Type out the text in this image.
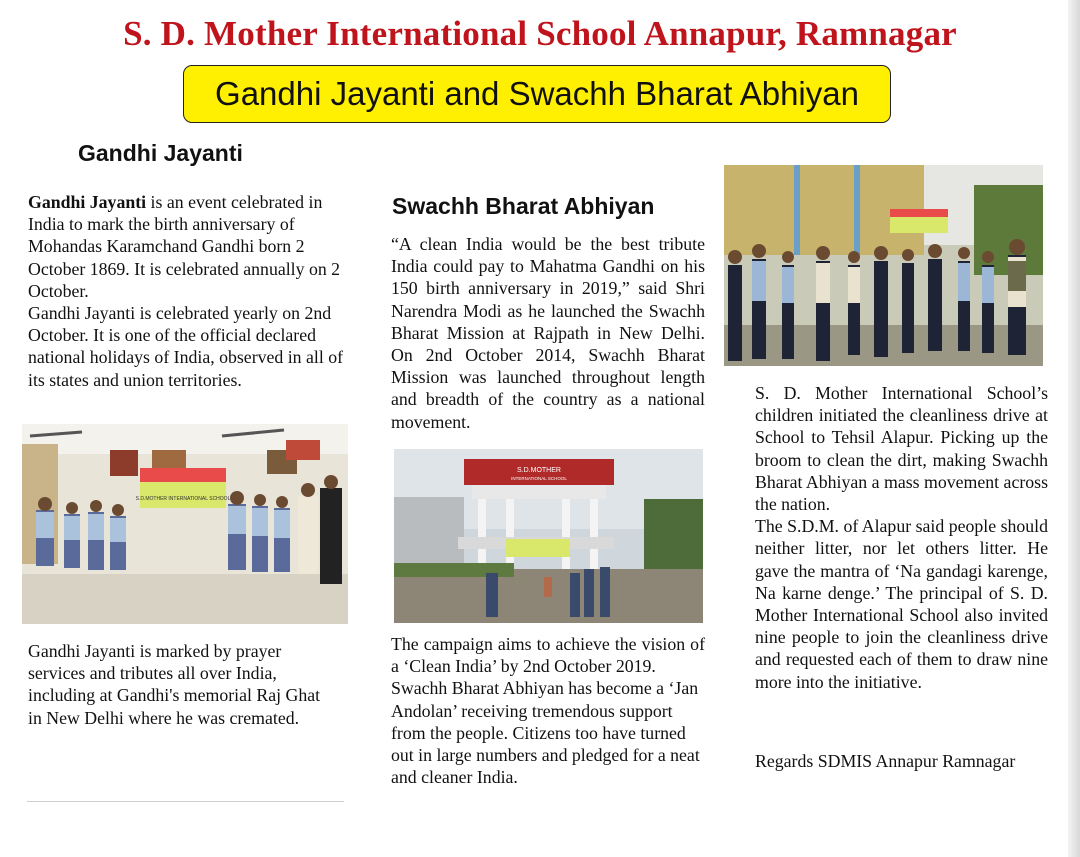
S. D. Mother International School Annapur, Ramnagar
Gandhi Jayanti and Swachh Bharat Abhiyan
Gandhi Jayanti
Gandhi Jayanti is an event celebrated in India to mark the birth anniversary of Mohandas Karamchand Gandhi born 2 October 1869. It is celebrated annually on 2 October.
Gandhi Jayanti is celebrated yearly on 2nd October. It is one of the official declared national holidays of India, observed in all of its states and union territories.
S.D.MOTHER INTERNATIONAL SCHOOL
Gandhi Jayanti is marked by prayer services and tributes all over India, including at Gandhi's memorial Raj Ghat in New Delhi where he was cremated.
Swachh Bharat Abhiyan
“A clean India would be the best tribute India could pay to Mahatma Gandhi on his 150 birth anniversary in 2019,” said Shri Narendra Modi as he launched the Swachh Bharat Mission at Rajpath in New Delhi. On 2nd October 2014, Swachh Bharat Mission was launched throughout length and breadth of the country as a national movement.
S.D.MOTHER
INTERNATIONAL SCHOOL
The campaign aims to achieve the vision of a ‘Clean India’ by 2nd October 2019.
Swachh Bharat Abhiyan has become a ‘Jan Andolan’ receiving tremendous support from the people. Citizens too have turned out in large numbers and pledged for a neat and cleaner India.
S. D. Mother International School’s children initiated the cleanliness drive at School to Tehsil Alapur. Picking up the broom to clean the dirt, making Swachh Bharat Abhiyan a mass movement across the nation.
The S.D.M. of Alapur said people should neither litter, nor let others litter. He gave the mantra of ‘Na gandagi karenge, Na karne denge.’ The principal of S. D. Mother International School also invited nine people to join the cleanliness drive and requested each of them to draw nine more into the initiative.
Regards SDMIS Annapur Ramnagar
